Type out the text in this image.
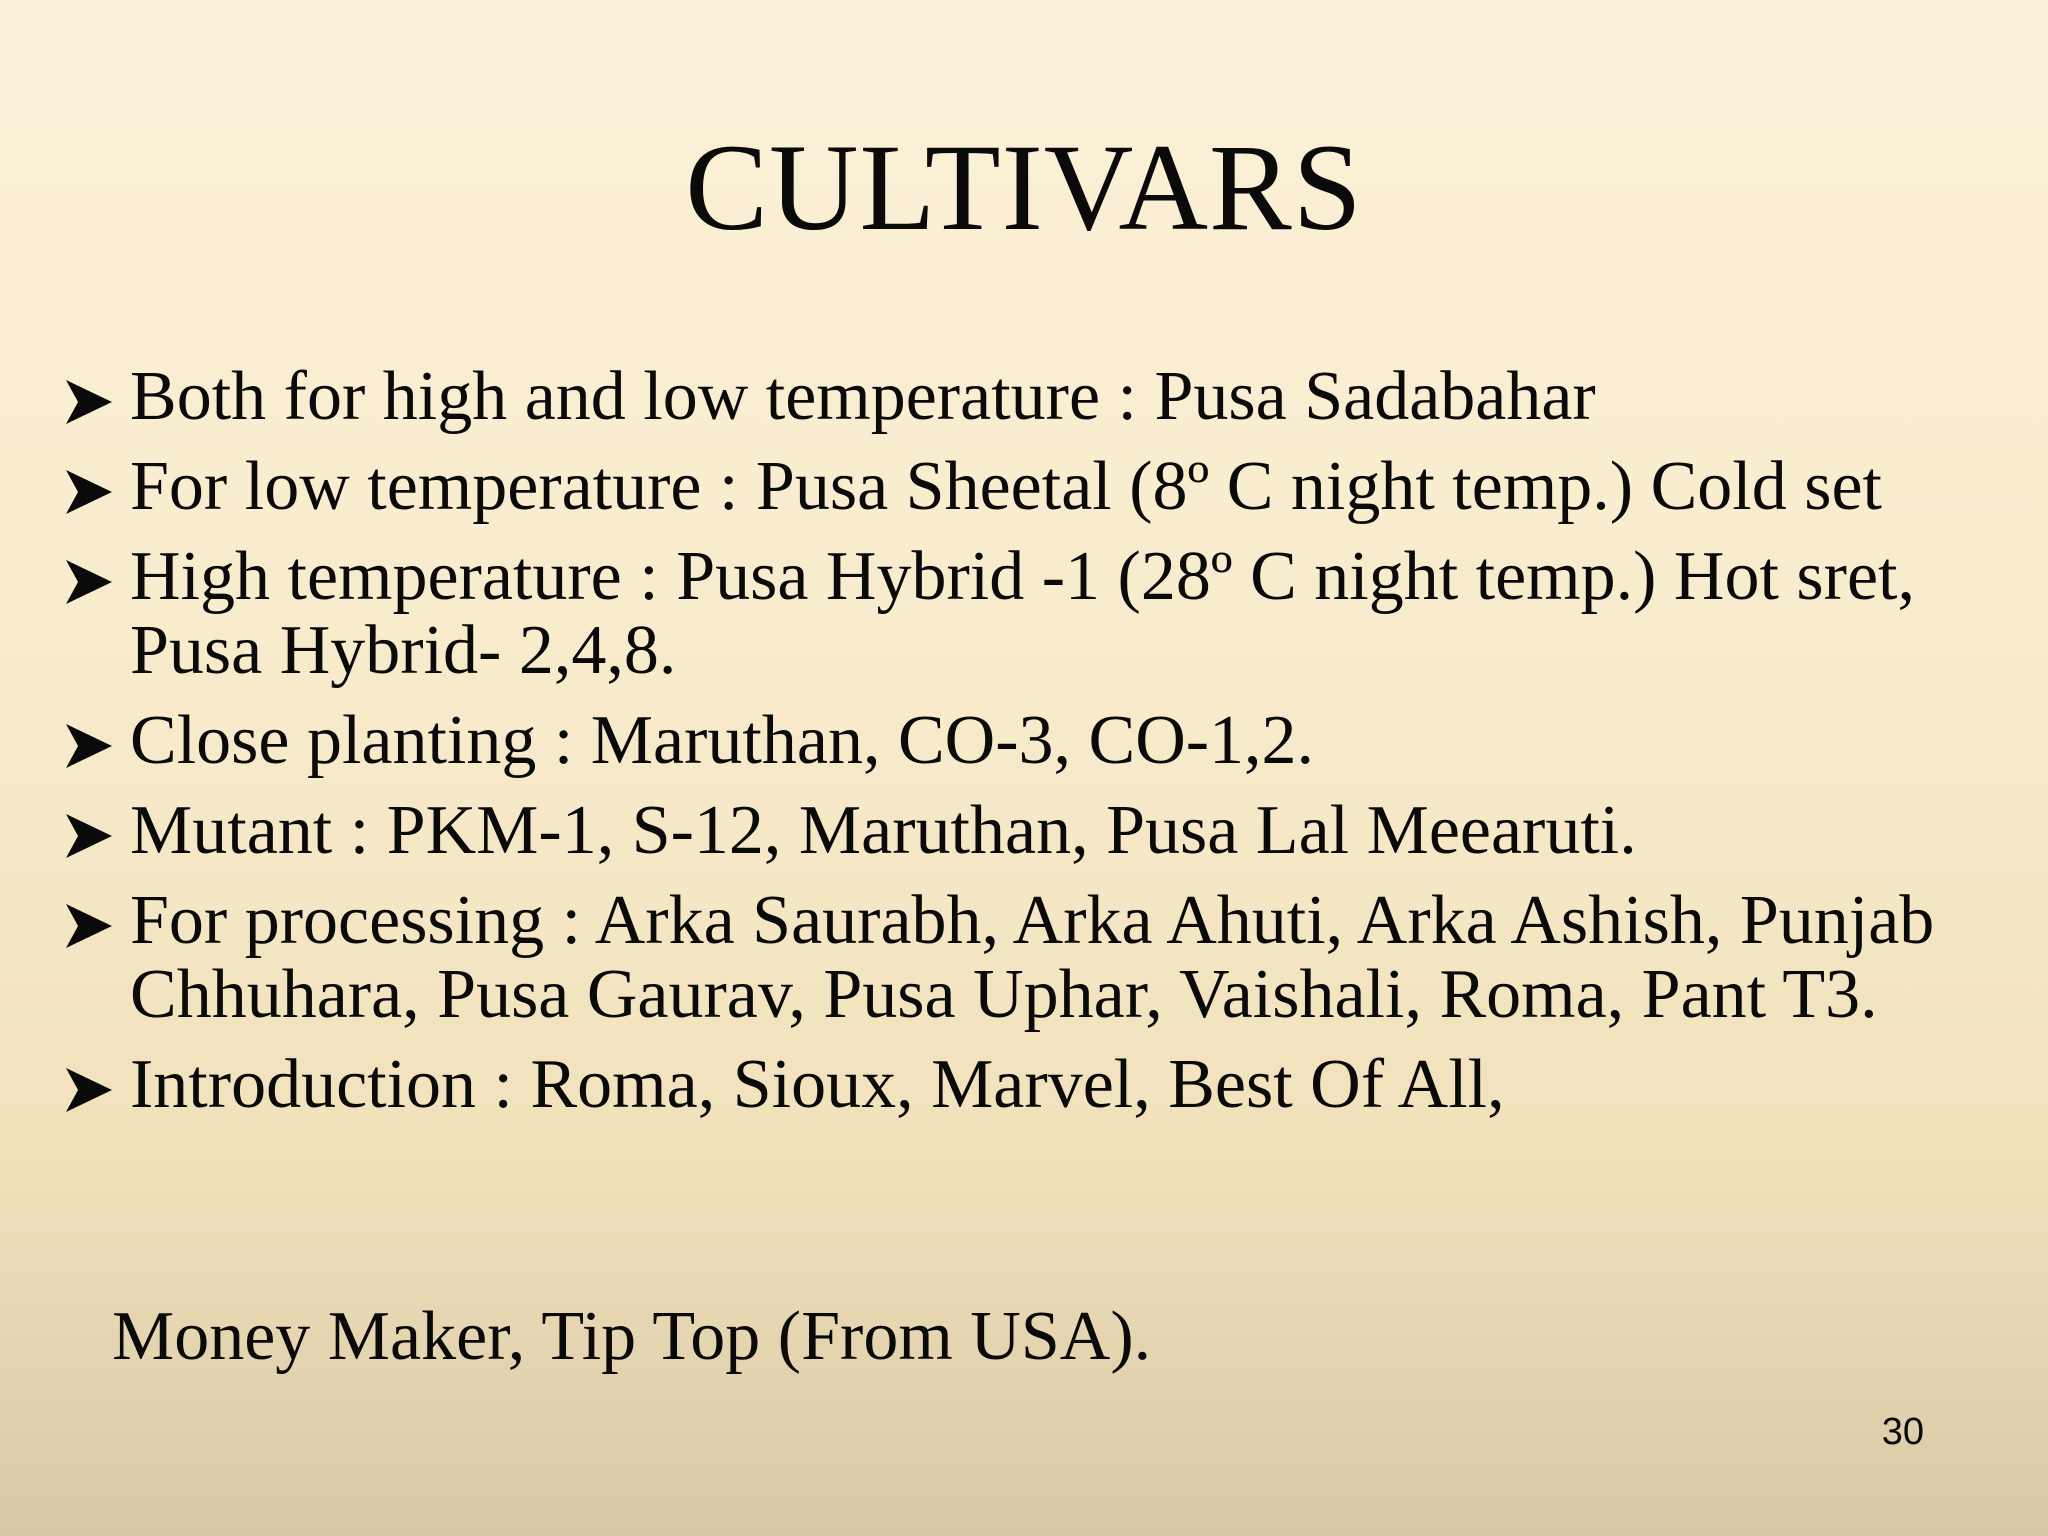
CULTIVARS
Both for high and low temperature : Pusa Sadabahar
For low temperature : Pusa Sheetal (8º C night temp.) Cold set
High temperature : Pusa Hybrid -1 (28º C night temp.) Hot sret, Pusa Hybrid- 2,4,8.
Close planting : Maruthan, CO-3, CO-1,2.
Mutant : PKM-1, S-12, Maruthan, Pusa Lal Meearuti.
For processing : Arka Saurabh, Arka Ahuti, Arka Ashish, Punjab Chhuhara, Pusa Gaurav, Pusa Uphar, Vaishali, Roma, Pant T3.
Introduction : Roma, Sioux, Marvel, Best Of All,
Money Maker, Tip Top (From USA).
30
